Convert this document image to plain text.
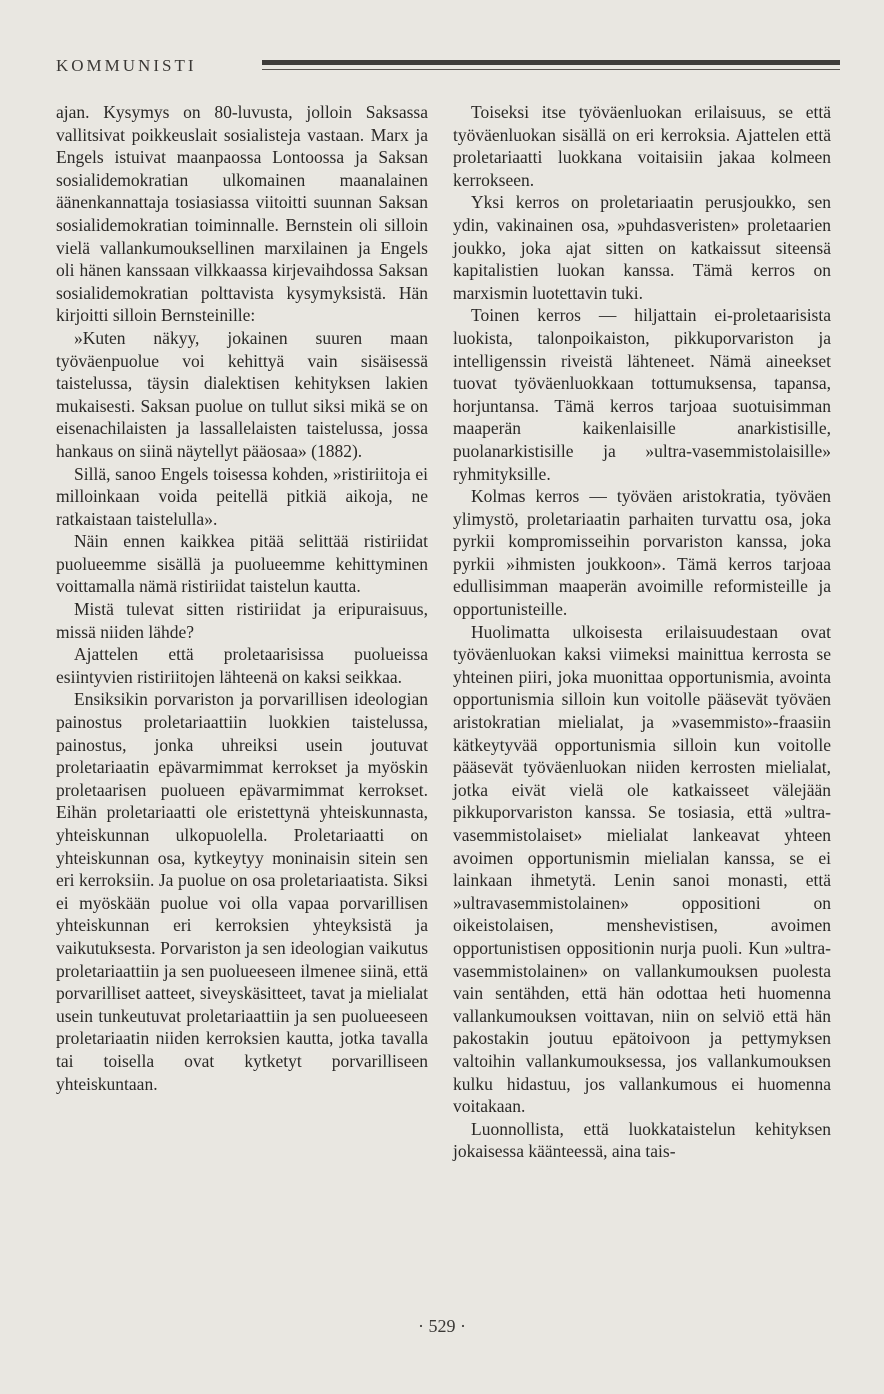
KOMMUNISTI

ajan. Kysymys on 80-luvusta, jolloin Saksassa vallitsivat poikkeuslait sosialisteja vastaan. Marx ja Engels istuivat maanpaossa Lontoossa ja Saksan sosialidemokratian ulkomainen maanalainen äänenkannattaja tosiasiassa viitoitti suunnan Saksan sosialidemokratian toiminnalle. Bernstein oli silloin vielä vallankumouksellinen marxilainen ja Engels oli hänen kanssaan vilkkaassa kirjevaihdossa Saksan sosialidemokratian polttavista kysymyksistä. Hän kirjoitti silloin Bernsteinille:

»Kuten näkyy, jokainen suuren maan työväenpuolue voi kehittyä vain sisäisessä taistelussa, täysin dialektisen kehityksen lakien mukaisesti. Saksan puolue on tullut siksi mikä se on eisenachilaisten ja lassallelaisten taistelussa, jossa hankaus on siinä näytellyt pääosaa» (1882).

Sillä, sanoo Engels toisessa kohden, »ristiriitoja ei milloinkaan voida peitellä pitkiä aikoja, ne ratkaistaan taistelulla».

Näin ennen kaikkea pitää selittää ristiriidat puolueemme sisällä ja puolueemme kehittyminen voittamalla nämä ristiriidat taistelun kautta.

Mistä tulevat sitten ristiriidat ja eripuraisuus, missä niiden lähde?

Ajattelen että proletaarisissa puolueissa esiintyvien ristiriitojen lähteenä on kaksi seikkaa.

Ensiksikin porvariston ja porvarillisen ideologian painostus proletariaattiin luokkien taistelussa, painostus, jonka uhreiksi usein joutuvat proletariaatin epävarmimmat kerrokset ja myöskin proletaarisen puolueen epävarmimmat kerrokset. Eihän proletariaatti ole eristettynä yhteiskunnasta, yhteiskunnan ulkopuolella. Proletariaatti on yhteiskunnan osa, kytkeytyy moninaisin sitein sen eri kerroksiin. Ja puolue on osa proletariaatista. Siksi ei myöskään puolue voi olla vapaa porvarillisen yhteiskunnan eri kerroksien yhteyksistä ja vaikutuksesta. Porvariston ja sen ideologian vaikutus proletariaattiin ja sen puolueeseen ilmenee siinä, että porvarilliset aatteet, siveyskäsitteet, tavat ja mielialat usein tunkeutuvat proletariaattiin ja sen puolueeseen proletariaatin niiden kerroksien kautta, jotka tavalla tai toisella ovat kytketyt porvarilliseen yhteiskuntaan.

Toiseksi itse työväenluokan erilaisuus, se että työväenluokan sisällä on eri kerroksia. Ajattelen että proletariaatti luokkana voitaisiin jakaa kolmeen kerrokseen.

Yksi kerros on proletariaatin perusjoukko, sen ydin, vakinainen osa, »puhdasveristen» proletaarien joukko, joka ajat sitten on katkaissut siteensä kapitalistien luokan kanssa. Tämä kerros on marxismin luotettavin tuki.

Toinen kerros — hiljattain ei-proletaarisista luokista, talonpoikaiston, pikkuporvariston ja intelligenssin riveistä lähteneet. Nämä aineekset tuovat työväenluokkaan tottumuksensa, tapansa, horjuntansa. Tämä kerros tarjoaa suotuisimman maaperän kaikenlaisille anarkistisille, puolanarkistisille ja »ultra-vasemmistolaisille» ryhmityksille.

Kolmas kerros — työväen aristokratia, työväen ylimystö, proletariaatin parhaiten turvattu osa, joka pyrkii kompromisseihin porvariston kanssa, joka pyrkii »ihmisten joukkoon». Tämä kerros tarjoaa edullisimman maaperän avoimille reformisteille ja opportunisteille.

Huolimatta ulkoisesta erilaisuudestaan ovat työväenluokan kaksi viimeksi mainittua kerrosta se yhteinen piiri, joka muonittaa opportunismia, avointa opportunismia silloin kun voitolle pääsevät työväen aristokratian mielialat, ja »vasemmisto»-fraasiin kätkeytyvää opportunismia silloin kun voitolle pääsevät työväenluokan niiden kerrosten mielialat, jotka eivät vielä ole katkaisseet välejään pikkuporvariston kanssa. Se tosiasia, että »ultra-vasemmistolaiset» mielialat lankeavat yhteen avoimen opportunismin mielialan kanssa, se ei lainkaan ihmetytä. Lenin sanoi monasti, että »ultravasemmistolainen» oppositioni on oikeistolaisen, menshevistisen, avoimen opportunistisen oppositionin nurja puoli. Kun »ultra-vasemmistolainen» on vallankumouksen puolesta vain sentähden, että hän odottaa heti huomenna vallankumouksen voittavan, niin on selviö että hän pakostakin joutuu epätoivoon ja pettymyksen valtoihin vallankumouksessa, jos vallankumouksen kulku hidastuu, jos vallankumous ei huomenna voitakaan.

Luonnollista, että luokkataistelun kehityksen jokaisessa käänteessä, aina tais-

· 529 ·
